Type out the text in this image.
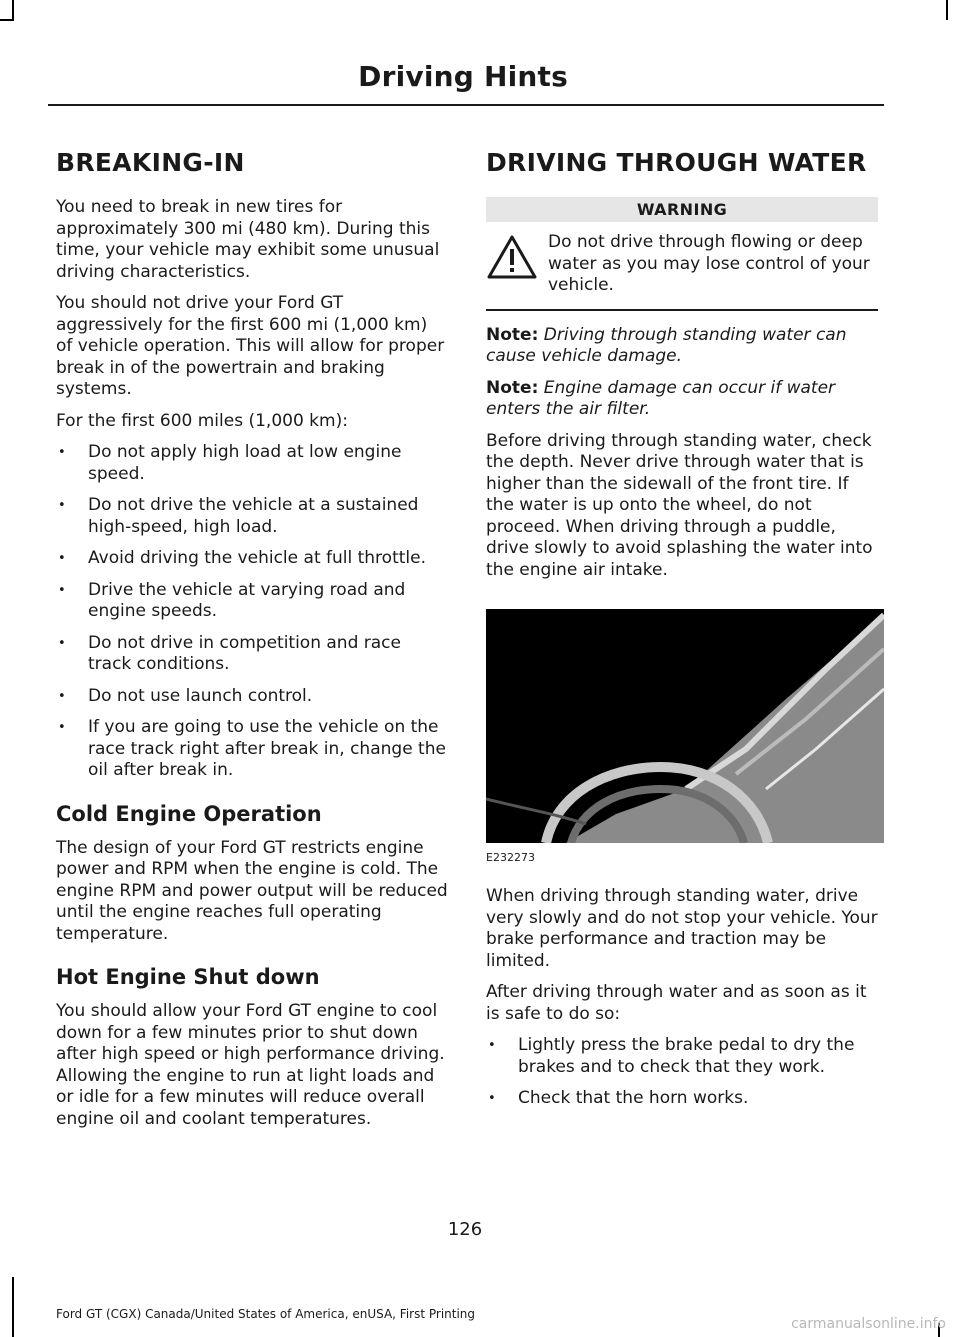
Driving Hints
BREAKING-IN

You need to break in new tires for approximately 300 mi (480 km). During this time, your vehicle may exhibit some unusual driving characteristics.

You should not drive your Ford GT aggressively for the first 600 mi (1,000 km) of vehicle operation. This will allow for proper break in of the powertrain and braking systems.

For the first 600 miles (1,000 km):

• Do not apply high load at low engine speed.
• Do not drive the vehicle at a sustained high-speed, high load.
• Avoid driving the vehicle at full throttle.
• Drive the vehicle at varying road and engine speeds.
• Do not drive in competition and race track conditions.
• Do not use launch control.
• If you are going to use the vehicle on the race track right after break in, change the oil after break in.
Cold Engine Operation

The design of your Ford GT restricts engine power and RPM when the engine is cold. The engine RPM and power output will be reduced until the engine reaches full operating temperature.

Hot Engine Shut down

You should allow your Ford GT engine to cool down for a few minutes prior to shut down after high speed or high performance driving. Allowing the engine to run at light loads and or idle for a few minutes will reduce overall engine oil and coolant temperatures.

DRIVING THROUGH WATER
WARNING

Do not drive through flowing or deep water as you may lose control of your vehicle.

Note: Driving through standing water can cause vehicle damage.

Note: Engine damage can occur if water enters the air filter.

Before driving through standing water, check the depth. Never drive through water that is higher than the sidewall of the front tire. If the water is up onto the wheel, do not proceed. When driving through a puddle, drive slowly to avoid splashing the water into the engine air intake.

E232273

When driving through standing water, drive very slowly and do not stop your vehicle. Your brake performance and traction may be limited.

After driving through water and as soon as it is safe to do so:

• Lightly press the brake pedal to dry the brakes and to check that they work.
• Check that the horn works.
126
Ford GT (CGX) Canada/United States of America, enUSA, First Printing
carmanualsonline.info
